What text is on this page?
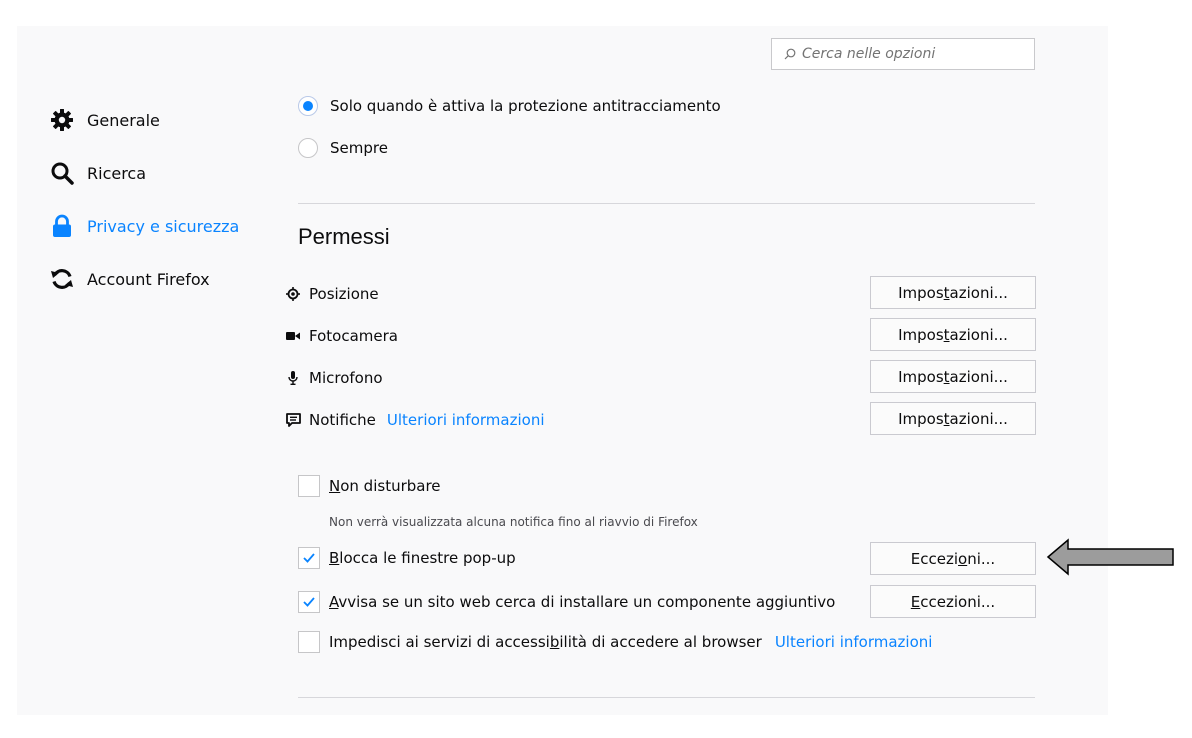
Cerca nelle opzioni
Generale
Ricerca
Privacy e sicurezza
Account Firefox
Solo quando è attiva la protezione antitracciamento
Sempre
Permessi
Posizione	Impostazioni...
Fotocamera	Impostazioni...
Microfono	Impostazioni...
Notifiche Ulteriori informazioni	Impostazioni...
Non disturbare
Non verrà visualizzata alcuna notifica fino al riavvio di Firefox
Blocca le finestre pop-up	Eccezioni...
Avvisa se un sito web cerca di installare un componente aggiuntivo	Eccezioni...
Impedisci ai servizi di accessibilità di accedere al browser Ulteriori informazioni
